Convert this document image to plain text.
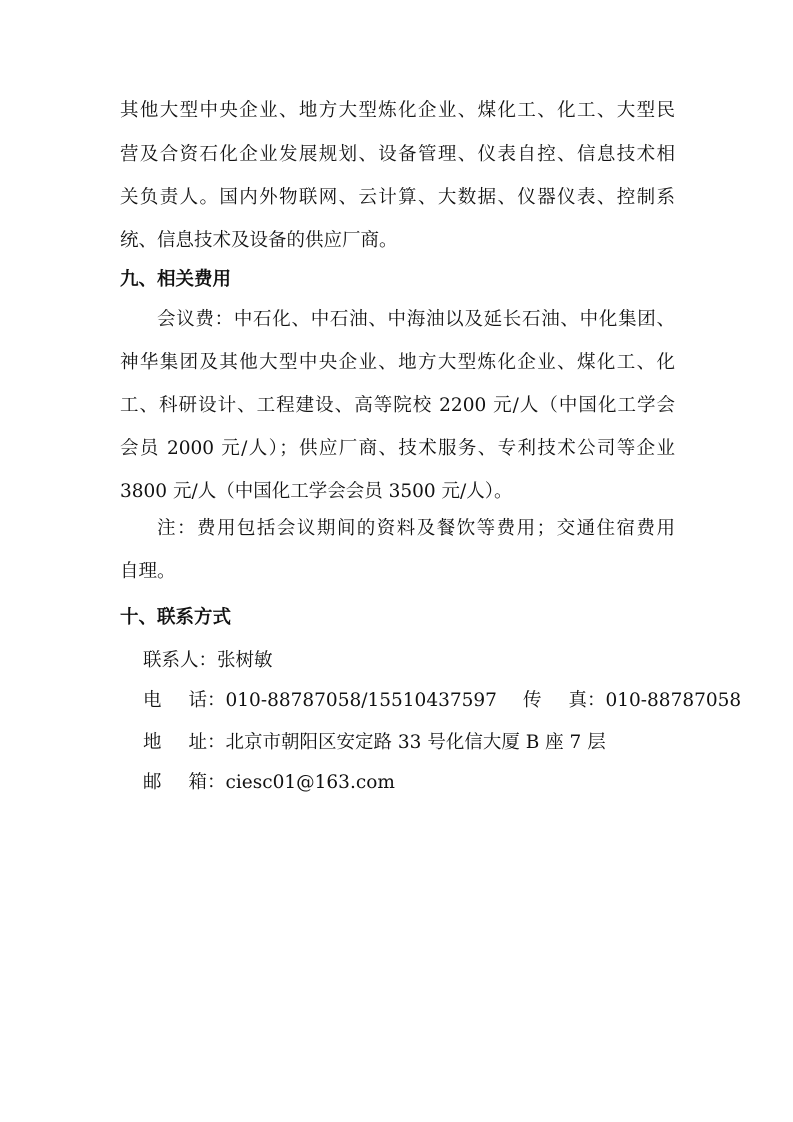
其他大型中央企业、地方大型炼化企业、煤化工、化工、大型民
营及合资石化企业发展规划、设备管理、仪表自控、信息技术相
关负责人。国内外物联网、云计算、大数据、仪器仪表、控制系
统、信息技术及设备的供应厂商。
九、相关费用
会议费：中石化、中石油、中海油以及延长石油、中化集团、
神华集团及其他大型中央企业、地方大型炼化企业、煤化工、化
工、科研设计、工程建设、高等院校 2200 元/人（中国化工学会
会员 2000 元/人）；供应厂商、技术服务、专利技术公司等企业
3800 元/人（中国化工学会会员 3500 元/人）。
注：费用包括会议期间的资料及餐饮等费用；交通住宿费用
自理。
十、联系方式
联系人：张树敏
电　话：010-88787058/15510437597 传　真：010-88787058
地　址：北京市朝阳区安定路 33 号化信大厦 B 座 7 层
邮　箱：ciesc01@163.com
